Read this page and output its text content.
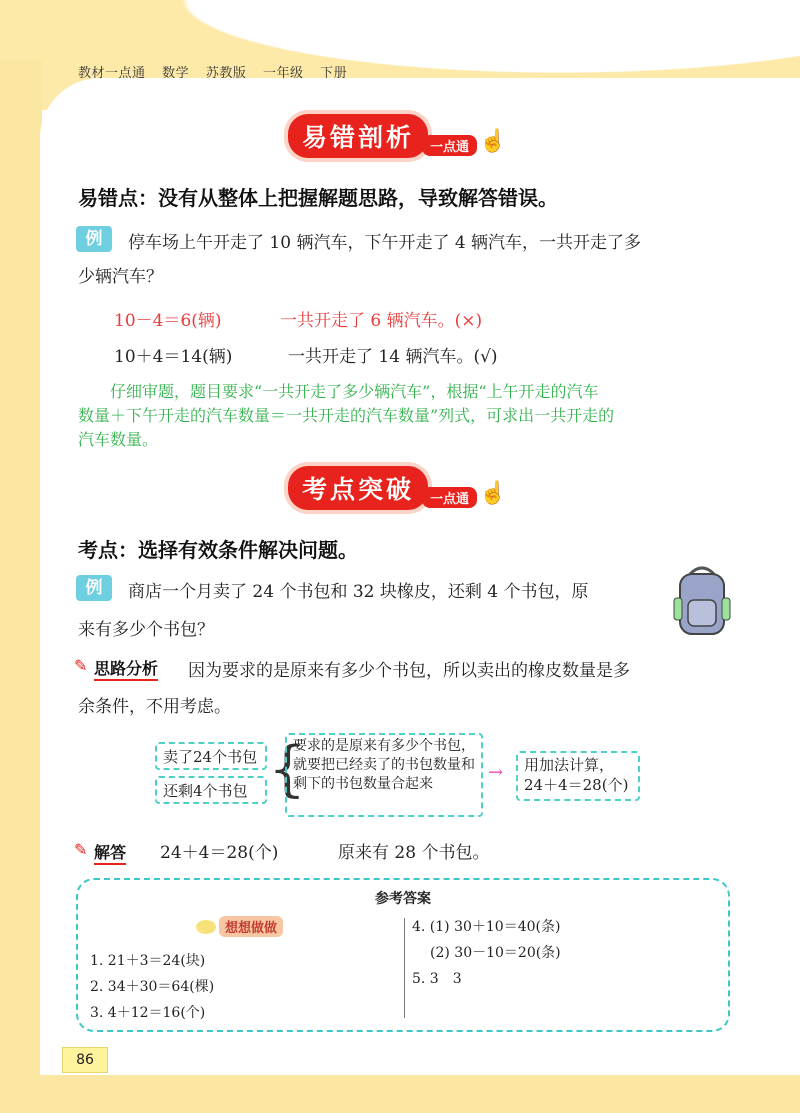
教材一点通 数学 苏教版 一年级 下册
易错剖析	一点通 ☝
易错点：没有从整体上把握解题思路，导致解答错误。
例	停车场上午开走了 10 辆汽车，下午开走了 4 辆汽车，一共开走了多
少辆汽车？
10－4＝6(辆)	一共开走了 6 辆汽车。(×)
10＋4＝14(辆)	一共开走了 14 辆汽车。(√)
仔细审题，题目要求“一共开走了多少辆汽车”，根据“上午开走的汽车
数量＋下午开走的汽车数量＝一共开走的汽车数量”列式，可求出一共开走的
汽车数量。
考点突破	一点通 ☝
考点：选择有效条件解决问题。
例	商店一个月卖了 24 个书包和 32 块橡皮，还剩 4 个书包，原
来有多少个书包？
✎ 思路分析 因为要求的是原来有多少个书包，所以卖出的橡皮数量是多
余条件，不用考虑。
卖了24个书包
还剩4个书包 {
要求的是原来有多少个书包，就要把已经卖了的书包数量和剩下的书包数量合起来
→ 用加法计算，
24＋4＝28(个)
✎ 解答 24＋4＝28(个)	原来有 28 个书包。
参考答案
想想做做
1. 21＋3＝24(块)
2. 34＋30＝64(棵)
3. 4＋12＝16(个)
4. (1) 30＋10＝40(条)
(2) 30－10＝20(条)
5. 3　3
86
